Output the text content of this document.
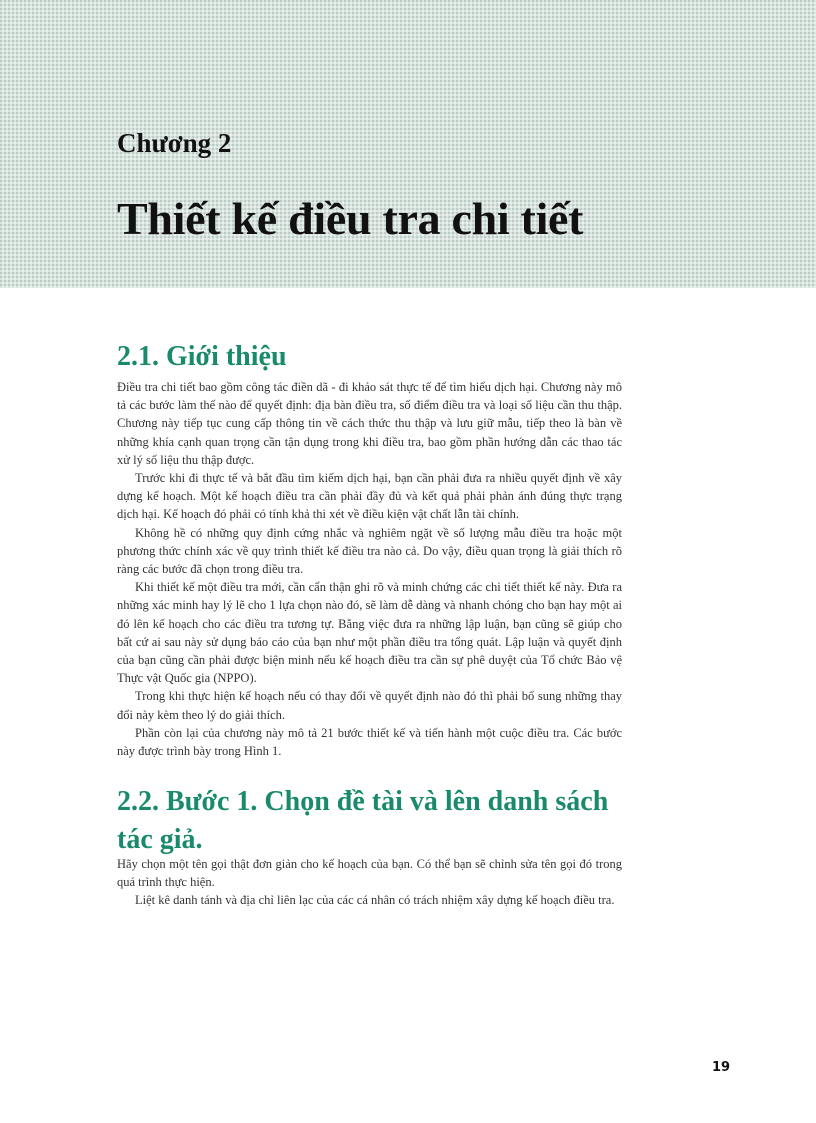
Chương 2
Thiết kế điều tra chi tiết
2.1. Giới thiệu

Điều tra chi tiết bao gồm công tác điền dã - đi khảo sát thực tế để tìm hiểu dịch hại. Chương này mô tả các bước làm thế nào để quyết định: địa bàn điều tra, số điểm điều tra và loại số liệu cần thu thập. Chương này tiếp tục cung cấp thông tin về cách thức thu thập và lưu giữ mẫu, tiếp theo là bàn về những khía cạnh quan trọng cần tận dụng trong khi điều tra, bao gồm phần hướng dẫn các thao tác xử lý số liệu thu thập được.

Trước khi đi thực tế và bắt đầu tìm kiếm dịch hại, bạn cần phải đưa ra nhiều quyết định về xây dựng kế hoạch. Một kế hoạch điều tra cần phải đầy đủ và kết quả phải phản ánh đúng thực trạng dịch hại. Kế hoạch đó phải có tính khả thi xét về điều kiện vật chất lẫn tài chính.

Không hề có những quy định cứng nhắc và nghiêm ngặt về số lượng mẫu điều tra hoặc một phương thức chính xác về quy trình thiết kế điều tra nào cả. Do vậy, điều quan trọng là giải thích rõ ràng các bước đã chọn trong điều tra.

Khi thiết kế một điều tra mới, cần cẩn thận ghi rõ và minh chứng các chi tiết thiết kế này. Đưa ra những xác minh hay lý lẽ cho 1 lựa chọn nào đó, sẽ làm dễ dàng và nhanh chóng cho bạn hay một ai đó lên kế hoạch cho các điều tra tương tự. Bằng việc đưa ra những lập luận, bạn cũng sẽ giúp cho bất cứ ai sau này sử dụng báo cáo của bạn như một phần điều tra tổng quát. Lập luận và quyết định của bạn cũng cần phải được biện minh nếu kế hoạch điều tra cần sự phê duyệt của Tổ chức Bảo vệ Thực vật Quốc gia (NPPO).

Trong khi thực hiện kế hoạch nếu có thay đổi về quyết định nào đó thì phải bổ sung những thay đổi này kèm theo lý do giải thích.

Phần còn lại của chương này mô tả 21 bước thiết kế và tiến hành một cuộc điều tra. Các bước này được trình bày trong Hình 1.

2.2. Bước 1. Chọn đề tài và lên danh sách tác giả.

Hãy chọn một tên gọi thật đơn giản cho kế hoạch của bạn. Có thể bạn sẽ chỉnh sửa tên gọi đó trong quá trình thực hiện.

Liệt kê danh tánh và địa chỉ liên lạc của các cá nhân có trách nhiệm xây dựng kế hoạch điều tra.

19
